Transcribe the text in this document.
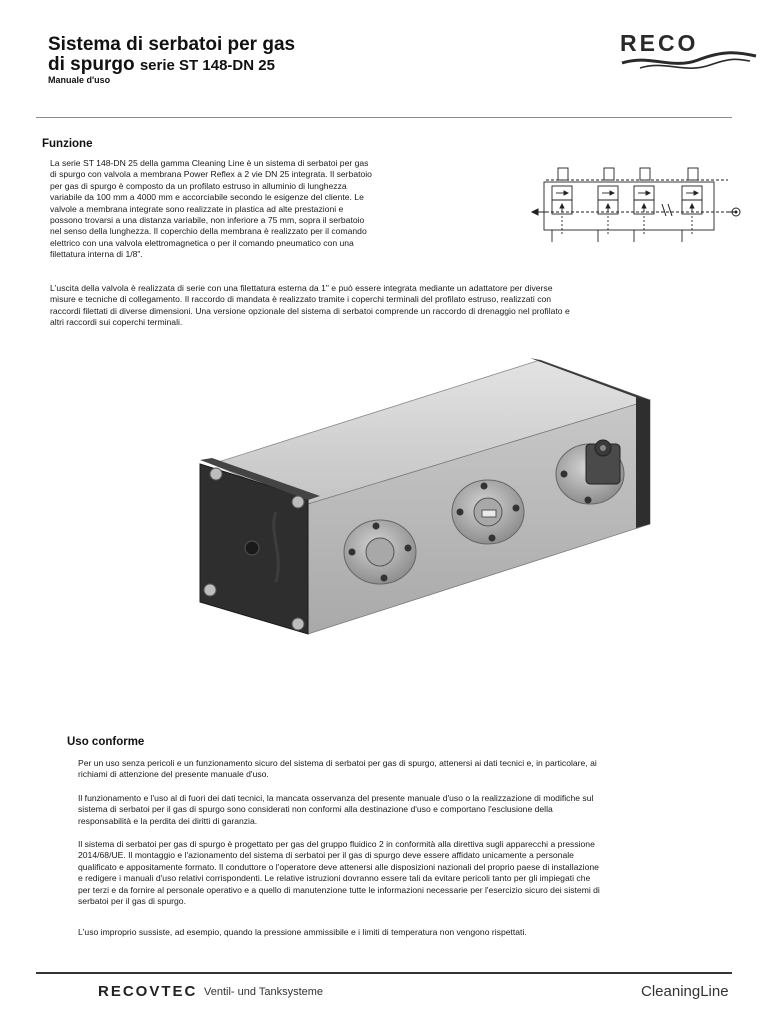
Sistema di serbatoi per gas
di spurgo serie ST 148-DN 25
Manuale d'uso
RECO
Funzione
La serie ST 148-DN 25 della gamma Cleaning Line è un sistema di serbatoi per gas
di spurgo con valvola a membrana Power Reflex a 2 vie DN 25 integrata. Il serbatoio
per gas di spurgo è composto da un profilato estruso in alluminio di lunghezza
variabile da 100 mm a 4000 mm e accorciabile secondo le esigenze del cliente. Le
valvole a membrana integrate sono realizzate in plastica ad alte prestazioni e
possono trovarsi a una distanza variabile, non inferiore a 75 mm, sopra il serbatoio
nel senso della lunghezza. Il coperchio della membrana è realizzato per il comando
elettrico con una valvola elettromagnetica o per il comando pneumatico con una
filettatura interna di 1/8".
L'uscita della valvola è realizzata di serie con una filettatura esterna da 1" e può essere integrata mediante un adattatore per diverse
misure e tecniche di collegamento. Il raccordo di mandata è realizzato tramite i coperchi terminali del profilato estruso, realizzati con
raccordi filettati di diverse dimensioni. Una versione opzionale del sistema di serbatoi comprende un raccordo di drenaggio nel profilato e
altri raccordi sui coperchi terminali.
Uso conforme
Per un uso senza pericoli e un funzionamento sicuro del sistema di serbatoi per gas di spurgo, attenersi ai dati tecnici e, in particolare, ai
richiami di attenzione del presente manuale d'uso.
Il funzionamento e l'uso al di fuori dei dati tecnici, la mancata osservanza del presente manuale d'uso o la realizzazione di modifiche sul
sistema di serbatoi per il gas di spurgo sono considerati non conformi alla destinazione d'uso e comportano l'esclusione della
responsabilità e la perdita dei diritti di garanzia.
Il sistema di serbatoi per gas di spurgo è progettato per gas del gruppo fluidico 2 in conformità alla direttiva sugli apparecchi a pressione
2014/68/UE. Il montaggio e l'azionamento del sistema di serbatoi per il gas di spurgo deve essere affidato unicamente a personale
qualificato e appositamente formato. Il conduttore o l'operatore deve attenersi alle disposizioni nazionali del proprio paese di installazione
e redigere i manuali d'uso relativi corrispondenti. Le relative istruzioni dovranno essere tali da evitare pericoli tanto per gli impiegati che
per terzi e da fornire al personale operativo e a quello di manutenzione tutte le informazioni necessarie per l'esercizio sicuro dei sistemi di
serbatoi per il gas di spurgo.
L'uso improprio sussiste, ad esempio, quando la pressione ammissibile e i limiti di temperatura non vengono rispettati.
RECOVTEC Ventil- und Tanksysteme	CleaningLine
